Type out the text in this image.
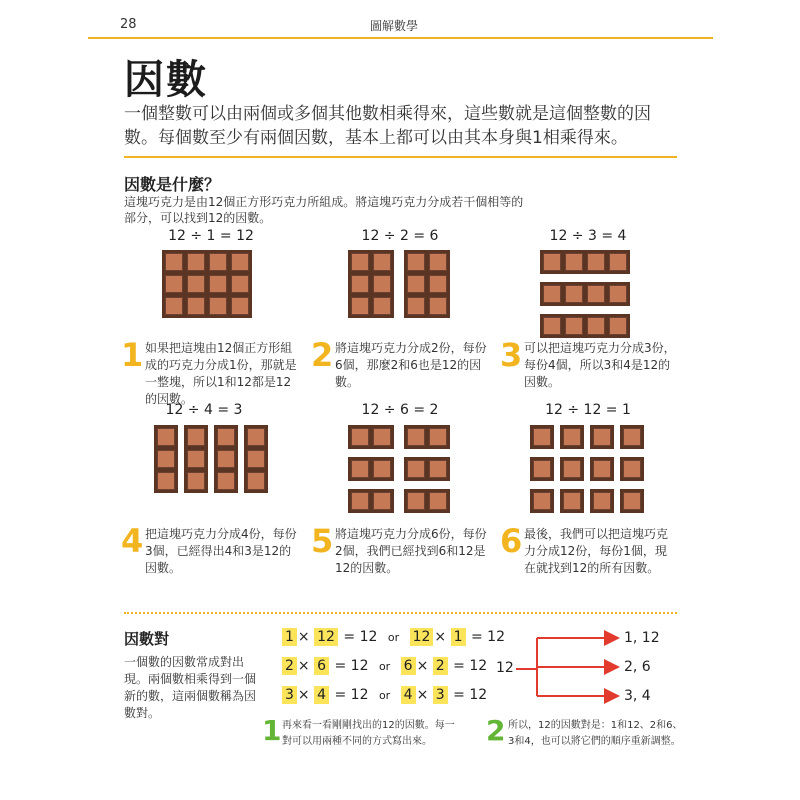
28	圖解數學
因數
一個整數可以由兩個或多個其他數相乘得來，這些數就是這個整數的因數。每個數至少有兩個因數，基本上都可以由其本身與1相乘得來。
因數是什麼？
這塊巧克力是由12個正方形巧克力所組成。將這塊巧克力分成若干個相等的部分，可以找到12的因數。
12 ÷ 1 = 12	12 ÷ 2 = 6	12 ÷ 3 = 4
12 ÷ 4 = 3	12 ÷ 6 = 2	12 ÷ 12 = 1
1 如果把這塊由12個正方形組成的巧克力分成1份，那就是一整塊，所以1和12都是12的因數。
2 將這塊巧克力分成2份，每份6個，那麼2和6也是12的因數。
3 可以把這塊巧克力分成3份，每份4個，所以3和4是12的因數。
4 把這塊巧克力分成4份，每份3個，已經得出4和3是12的因數。
5 將這塊巧克力分成6份，每份2個，我們已經找到6和12是12的因數。
6 最後，我們可以把這塊巧克力分成12份，每份1個，現在就找到12的所有因數。
因數對
一個數的因數常成對出現。兩個數相乘得到一個新的數，這兩個數稱為因數對。
1 × 12 = 12 or 12 × 1 = 12
2 × 6 = 12 or 6 × 2 = 12
3 × 4 = 12 or 4 × 3 = 12
1 再來看一看剛剛找出的12的因數。每一對可以用兩種不同的方式寫出來。	2 所以，12的因數對是：1和12、2和6、3和4，也可以將它們的順序重新調整。
12
1, 12
2, 6
3, 4
